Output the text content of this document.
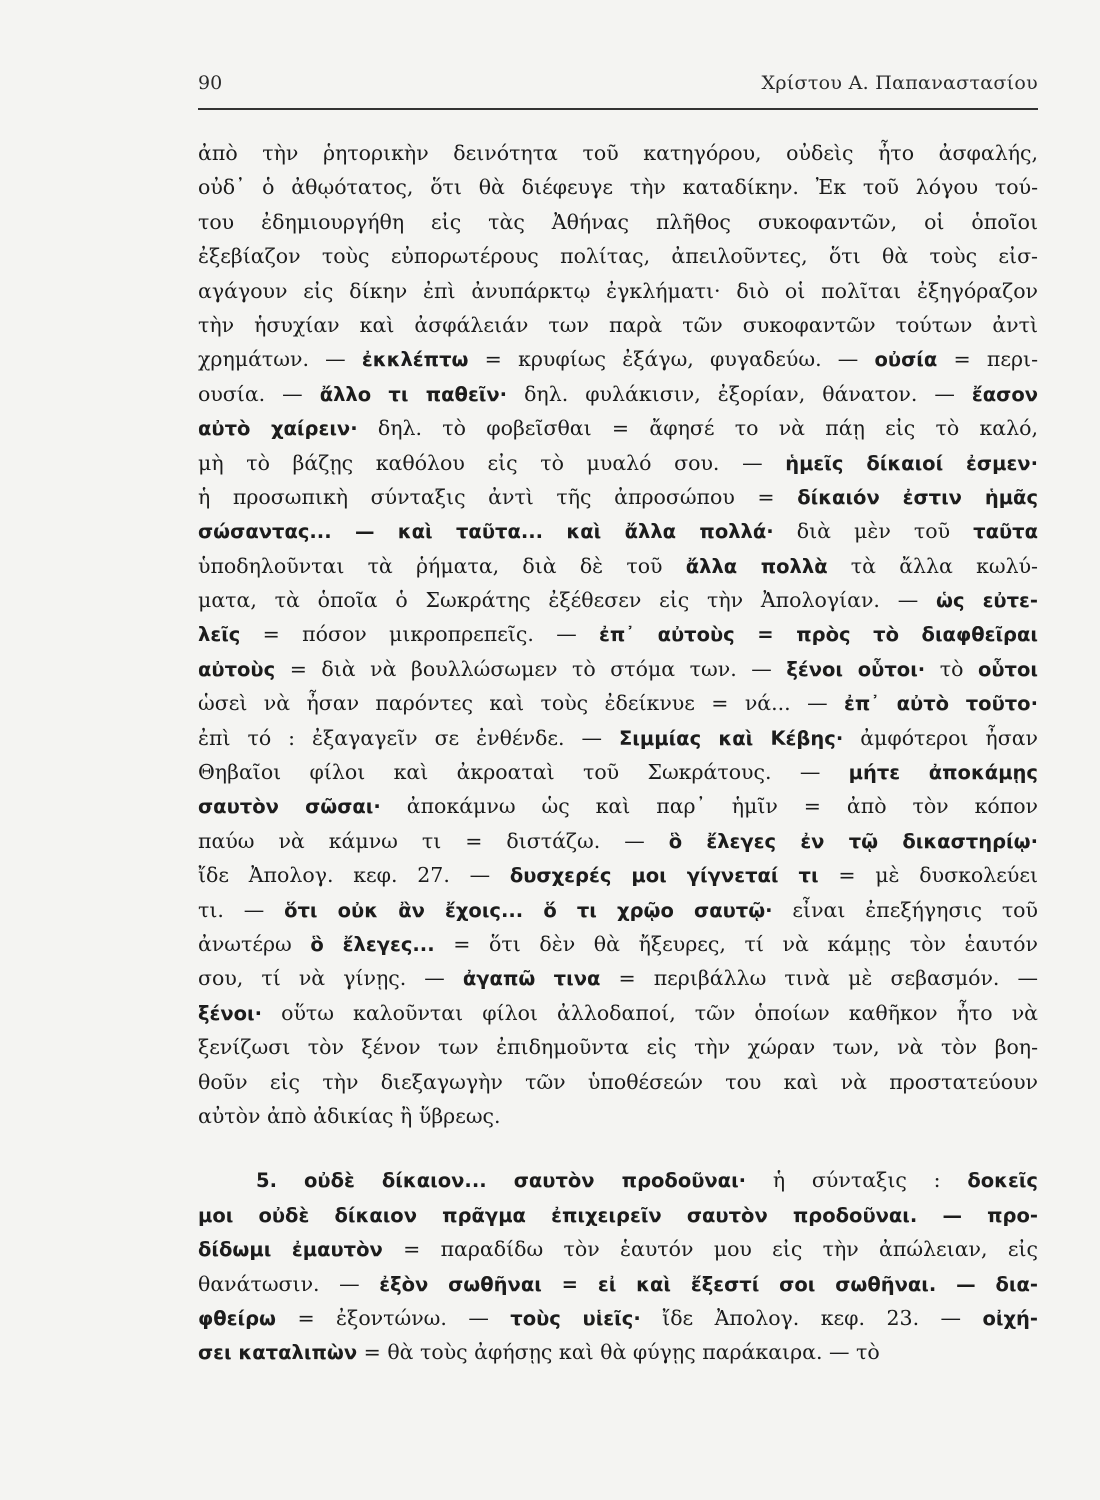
90	Χρίστου Α. Παπαναστασίου
ἀπὸ τὴν ῥητορικὴν δεινότητα τοῦ κατηγόρου, οὐδεὶς ἦτο ἀσφαλής,
οὐδ᾽ ὁ ἀθῳότατος, ὅτι θὰ διέφευγε τὴν καταδίκην. Ἐκ τοῦ λόγου τού-
του ἐδημιουργήθη εἰς τὰς Ἀθήνας πλῆθος συκοφαντῶν, οἱ ὁποῖοι
ἐξεβίαζον τοὺς εὐπορωτέρους πολίτας, ἀπειλοῦντες, ὅτι θὰ τοὺς εἰσ-
αγάγουν εἰς δίκην ἐπὶ ἀνυπάρκτῳ ἐγκλήματι· διὸ οἱ πολῖται ἐξηγόραζον
τὴν ἡσυχίαν καὶ ἀσφάλειάν των παρὰ τῶν συκοφαντῶν τούτων ἀντὶ
χρημάτων. — ἐκκλέπτω = κρυφίως ἐξάγω, φυγαδεύω. — οὐσία = περι-
ουσία. — ἄλλο τι παθεῖν· δηλ. φυλάκισιν, ἐξορίαν, θάνατον. — ἔασον
αὐτὸ χαίρειν· δηλ. τὸ φοβεῖσθαι = ἄφησέ το νὰ πάῃ εἰς τὸ καλό,
μὴ τὸ βάζῃς καθόλου εἰς τὸ μυαλό σου. — ἡμεῖς δίκαιοί ἐσμεν·
ἡ προσωπικὴ σύνταξις ἀντὶ τῆς ἀπροσώπου = δίκαιόν ἐστιν ἡμᾶς
σώσαντας... — καὶ ταῦτα... καὶ ἄλλα πολλά· διὰ μὲν τοῦ ταῦτα
ὑποδηλοῦνται τὰ ῥήματα, διὰ δὲ τοῦ ἄλλα πολλὰ τὰ ἄλλα κωλύ-
ματα, τὰ ὁποῖα ὁ Σωκράτης ἐξέθεσεν εἰς τὴν Ἀπολογίαν. — ὡς εὐτε-
λεῖς = πόσον μικροπρεπεῖς. — ἐπ᾽ αὐτοὺς = πρὸς τὸ διαφθεῖραι
αὐτοὺς = διὰ νὰ βουλλώσωμεν τὸ στόμα των. — ξένοι οὗτοι· τὸ οὗτοι
ὡσεὶ νὰ ἦσαν παρόντες καὶ τοὺς ἐδείκνυε = νά... — ἐπ᾽ αὐτὸ τοῦτο·
ἐπὶ τό : ἐξαγαγεῖν σε ἐνθένδε. — Σιμμίας καὶ Κέβης· ἀμφότεροι ἦσαν
Θηβαῖοι φίλοι καὶ ἀκροαταὶ τοῦ Σωκράτους. — μήτε ἀποκάμῃς
σαυτὸν σῶσαι· ἀποκάμνω ὡς καὶ παρ᾽ ἡμῖν = ἀπὸ τὸν κόπον
παύω νὰ κάμνω τι = διστάζω. — ὃ ἔλεγες ἐν τῷ δικαστηρίῳ·
ἴδε Ἀπολογ. κεφ. 27. — δυσχερές μοι γίγνεταί τι = μὲ δυσκολεύει
τι. — ὅτι οὐκ ἂν ἔχοις... ὅ τι χρῷο σαυτῷ· εἶναι ἐπεξήγησις τοῦ
ἀνωτέρω ὃ ἔλεγες... = ὅτι δὲν θὰ ἤξευρες, τί νὰ κάμῃς τὸν ἑαυτόν
σου, τί νὰ γίνῃς. — ἀγαπῶ τινα = περιβάλλω τινὰ μὲ σεβασμόν. —
ξένοι· οὕτω καλοῦνται φίλοι ἀλλοδαποί, τῶν ὁποίων καθῆκον ἦτο νὰ
ξενίζωσι τὸν ξένον των ἐπιδημοῦντα εἰς τὴν χώραν των, νὰ τὸν βοη-
θοῦν εἰς τὴν διεξαγωγὴν τῶν ὑποθέσεών του καὶ νὰ προστατεύουν
αὐτὸν ἀπὸ ἀδικίας ἢ ὕβρεως.
5. οὐδὲ δίκαιον... σαυτὸν προδοῦναι· ἡ σύνταξις : δοκεῖς
μοι οὐδὲ δίκαιον πρᾶγμα ἐπιχειρεῖν σαυτὸν προδοῦναι. — προ-
δίδωμι ἐμαυτὸν = παραδίδω τὸν ἑαυτόν μου εἰς τὴν ἀπώλειαν, εἰς
θανάτωσιν. — ἐξὸν σωθῆναι = εἰ καὶ ἔξεστί σοι σωθῆναι. — δια-
φθείρω = ἐξοντώνω. — τοὺς υἱεῖς· ἴδε Ἀπολογ. κεφ. 23. — οἰχή-
σει καταλιπὼν = θὰ τοὺς ἀφήσῃς καὶ θὰ φύγῃς παράκαιρα. — τὸ
